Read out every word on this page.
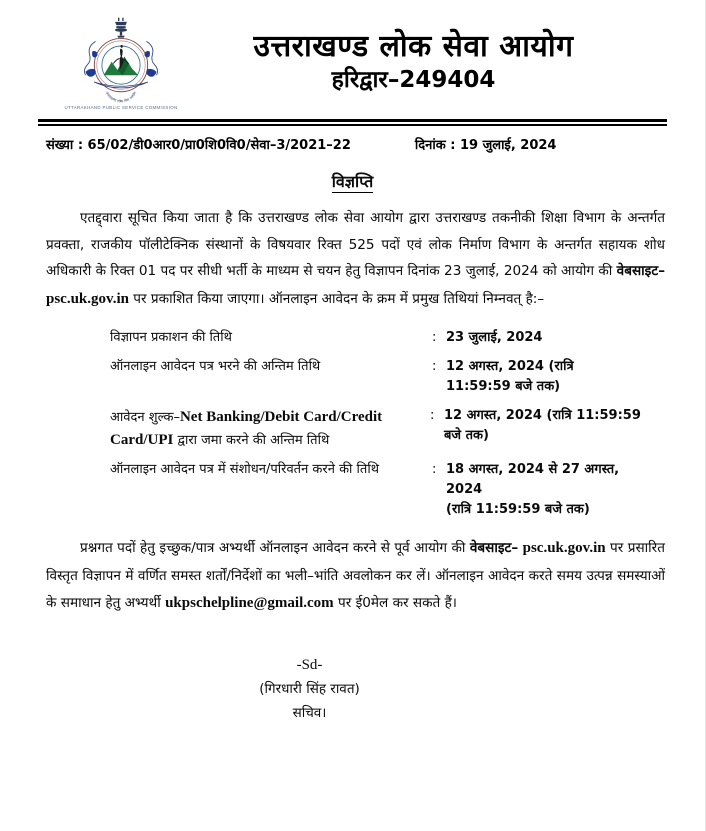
उत्तराखण्ड लोक सेवा आयोग
UTTARAKHAND PUBLIC SERVICE COMMISSION
उत्तराखण्ड लोक सेवा आयोग
हरिद्वार–249404
संख्या : 65/02/डी0आर0/प्रा0शि0वि0/सेवा–3/2021–22	दिनांक : 19 जुलाई, 2024
विज्ञप्ति

एतद्द्वारा सूचित किया जाता है कि उत्तराखण्ड लोक सेवा आयोग द्वारा उत्तराखण्ड तकनीकी शिक्षा विभाग के अन्तर्गत प्रवक्ता, राजकीय पॉलीटेक्निक संस्थानों के विषयवार रिक्त 525 पदों एवं लोक निर्माण विभाग के अन्तर्गत सहायक शोध अधिकारी के रिक्त 01 पद पर सीधी भर्ती के माध्यम से चयन हेतु विज्ञापन दिनांक 23 जुलाई, 2024 को आयोग की वेबसाइट–psc.uk.gov.in पर प्रकाशित किया जाएगा। ऑनलाइन आवेदन के क्रम में प्रमुख तिथियां निम्नवत् है:–

विज्ञापन प्रकाशन की तिथि	: 23 जुलाई, 2024
ऑनलाइन आवेदन पत्र भरने की अन्तिम तिथि	: 12 अगस्त, 2024 (रात्रि 11:59:59 बजे तक)
आवेदन शुल्क–Net Banking/Debit Card/Credit Card/UPI द्वारा जमा करने की अन्तिम तिथि
: 12 अगस्त, 2024 (रात्रि 11:59:59 बजे तक)
ऑनलाइन आवेदन पत्र में संशोधन/परिवर्तन करने की तिथि	: 18 अगस्त, 2024 से 27 अगस्त, 2024
(रात्रि 11:59:59 बजे तक)

प्रश्नगत पदों हेतु इच्छुक/पात्र अभ्यर्थी ऑनलाइन आवेदन करने से पूर्व आयोग की वेबसाइट– psc.uk.gov.in पर प्रसारित विस्तृत विज्ञापन में वर्णित समस्त शर्तों/निर्देशों का भली–भांति अवलोकन कर लें। ऑनलाइन आवेदन करते समय उत्पन्न समस्याओं के समाधान हेतु अभ्यर्थी ukpschelpline@gmail.com पर ई0मेल कर सकते हैं।

-Sd-
(गिरधारी सिंह रावत)
सचिव।
